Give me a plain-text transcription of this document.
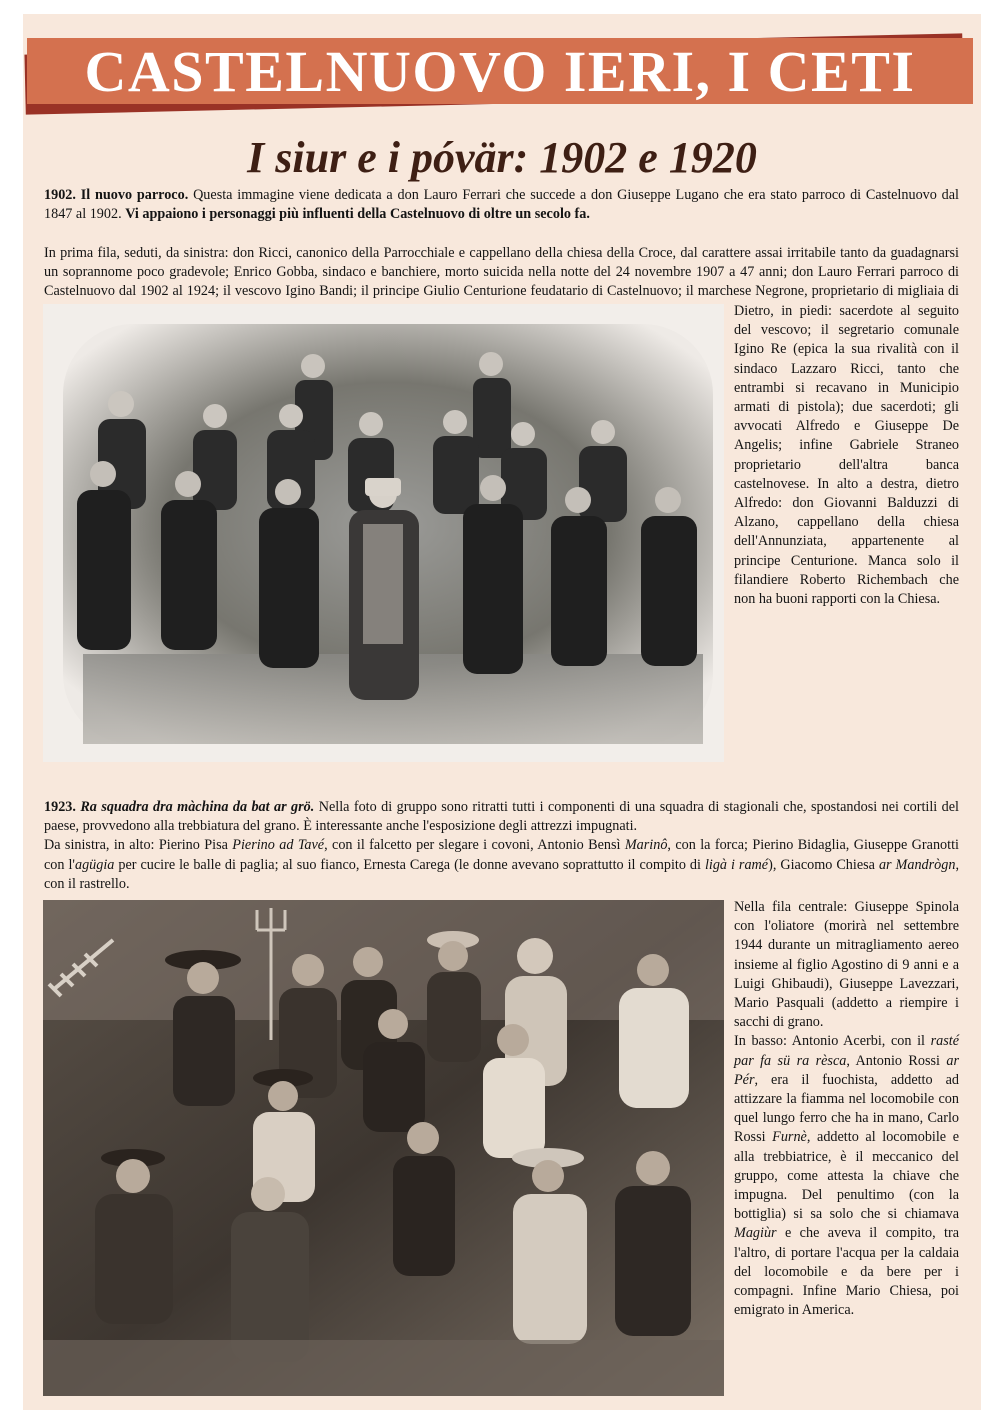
CASTELNUOVO IERI, I CETI
I siur e i póvär: 1902 e 1920

1902. Il nuovo parroco. Questa immagine viene dedicata a don Lauro Ferrari che succede a don Giuseppe Lugano che era stato parroco di Castelnuovo dal 1847 al 1902. Vi appaiono i personaggi più influenti della Castelnuovo di oltre un secolo fa.

In prima fila, seduti, da sinistra: don Ricci, canonico della Parrocchiale e cappellano della chiesa della Croce, dal carattere assai irritabile tanto da guadagnarsi un soprannome poco gradevole; Enrico Gobba, sindaco e banchiere, morto suicida nella notte del 24 novembre 1907 a 47 anni; don Lauro Ferrari parroco di Castelnuovo dal 1902 al 1924; il vescovo Igino Bandi; il principe Giulio Centurione feudatario di Castelnuovo; il marchese Negrone, proprietario di migliaia di

Dietro, in piedi: sacerdote al seguito del vescovo; il segretario comunale Igino Re (epica la sua rivalità con il sindaco Lazzaro Ricci, tanto che entrambi si recavano in Municipio armati di pistola); due sacerdoti; gli avvocati Alfredo e Giuseppe De Angelis; infine Gabriele Straneo proprietario dell'altra banca castelnovese. In alto a destra, dietro Alfredo: don Giovanni Balduzzi di Alzano, cappellano della chiesa dell'Annunziata, appartenente al principe Centurione. Manca solo il filandiere Roberto Richembach che non ha buoni rapporti con la Chiesa.

1923. Ra squadra dra màchina da bat ar grö. Nella foto di gruppo sono ritratti tutti i componenti di una squadra di stagionali che, spostandosi nei cortili del paese, provvedono alla trebbiatura del grano. È interessante anche l'esposizione degli attrezzi impugnati.

Da sinistra, in alto: Pierino Pisa Pierino ad Tavé, con il falcetto per slegare i covoni, Antonio Bensì Marinô, con la forca; Pierino Bidaglia, Giuseppe Granotti con l'agügia per cucire le balle di paglia; al suo fianco, Ernesta Carega (le donne avevano soprattutto il compito di ligà i ramé), Giacomo Chiesa ar Mandrògn, con il rastrello.

Nella fila centrale: Giuseppe Spinola con l'oliatore (morirà nel settembre 1944 durante un mitragliamento aereo insieme al figlio Agostino di 9 anni e a Luigi Ghibaudi), Giuseppe Lavezzari, Mario Pasquali (addetto a riempire i sacchi di grano.

In basso: Antonio Acerbi, con il rasté par fa sü ra rèsca, Antonio Rossi ar Pér, era il fuochista, addetto ad attizzare la fiamma nel locomobile con quel lungo ferro che ha in mano, Carlo Rossi Furnè, addetto al locomobile e alla trebbiatrice, è il meccanico del gruppo, come attesta la chiave che impugna. Del penultimo (con la bottiglia) si sa solo che si chiamava Magiùr e che aveva il compito, tra l'altro, di portare l'acqua per la caldaia del locomobile e da bere per i compagni. Infine Mario Chiesa, poi emigrato in America.
